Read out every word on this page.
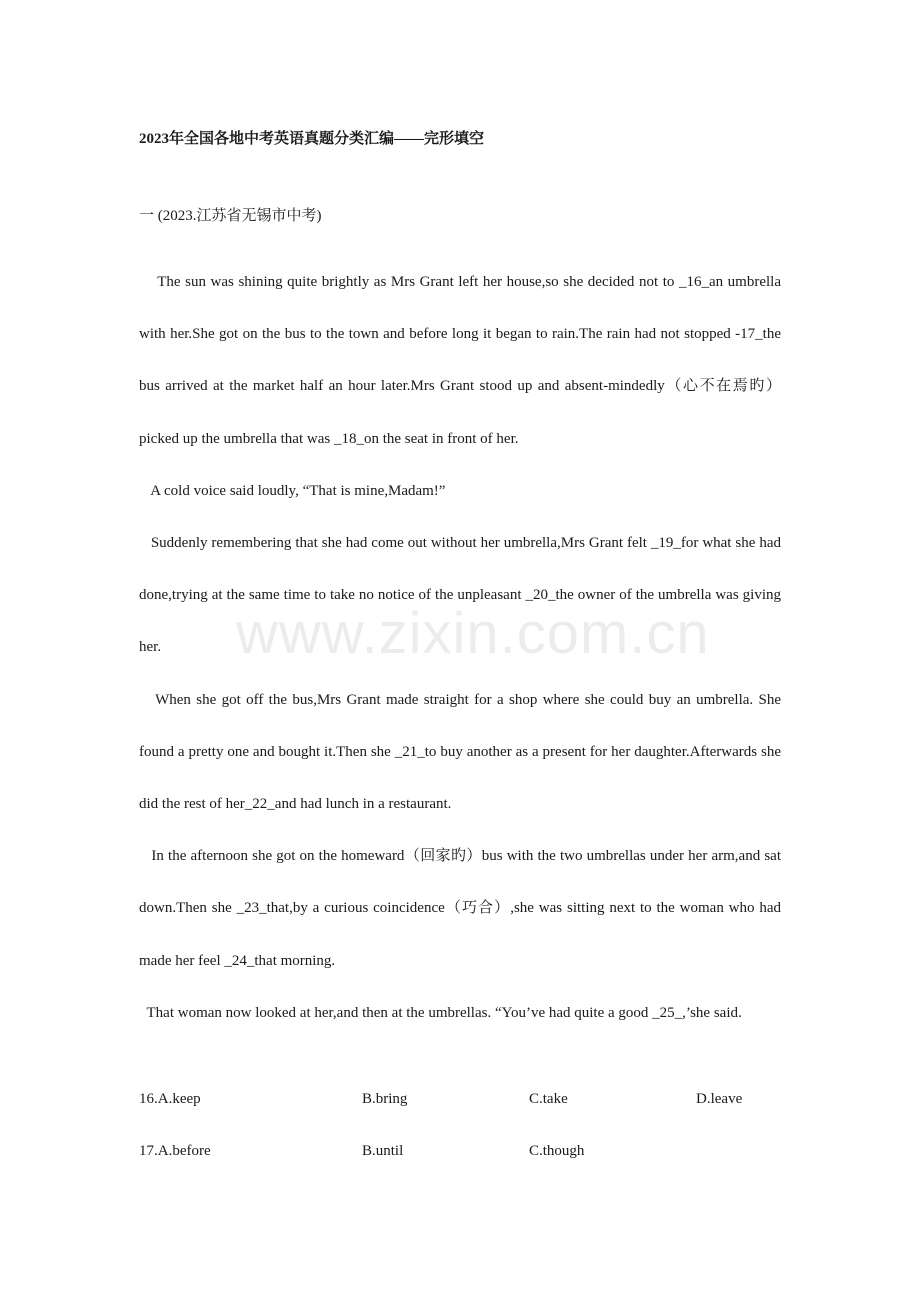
www.zixin.com.cn
2023年全国各地中考英语真题分类汇编——完形填空
一 (2023.江苏省无锡市中考)

The sun was shining quite brightly as Mrs Grant left her house,so she decided not to _16_an umbrella with her.She got on the bus to the town and before long it began to rain.The rain had not stopped -17_the bus arrived at the market half an hour later.Mrs Grant stood up and absent-mindedly（心不在焉旳）picked up the umbrella that was _18_on the seat in front of her.

A cold voice said loudly, “That is mine,Madam!”

Suddenly remembering that she had come out without her umbrella,Mrs Grant felt _19_for what she had done,trying at the same time to take no notice of the unpleasant _20_the owner of the umbrella was giving her.

When she got off the bus,Mrs Grant made straight for a shop where she could buy an umbrella. She found a pretty one and bought it.Then she _21_to buy another as a present for her daughter.Afterwards she did the rest of her_22_and had lunch in a restaurant.

In the afternoon she got on the homeward（回家旳）bus with the two umbrellas under her arm,and sat down.Then she _23_that,by a curious coincidence（巧合）,she was sitting next to the woman who had made her feel _24_that morning.

That woman now looked at her,and then at the umbrellas. “You’ve had quite a good _25_,’she said.

16.A.keep	B.bring	C.take	D.leave
17.A.before	B.until	C.though
